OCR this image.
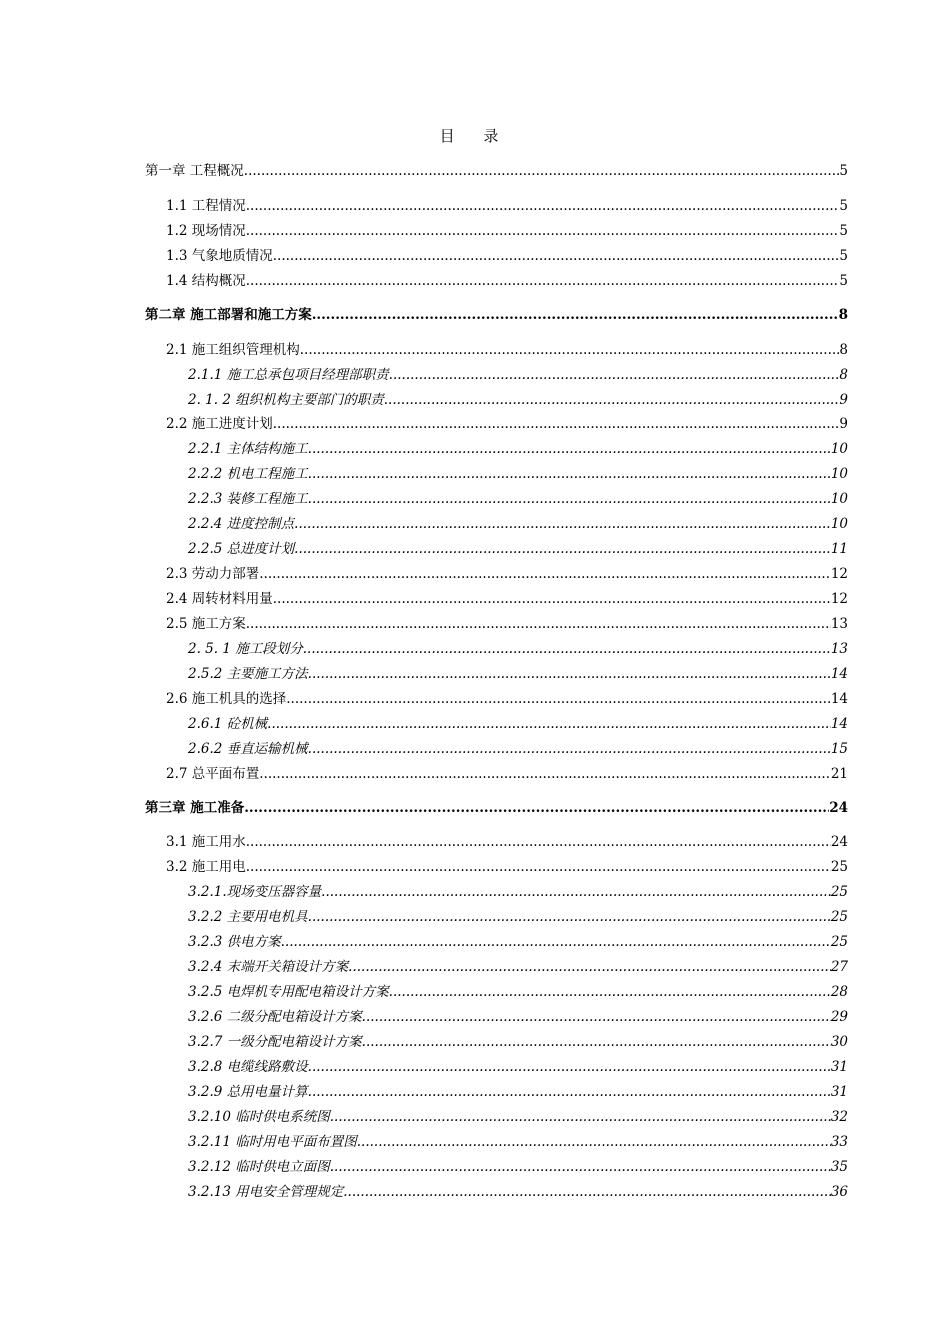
目 录
第一章 工程概况 .....	5
1.1 工程情况 .....	5
1.2 现场情况 .....	5
1.3 气象地质情况 .....	5
1.4 结构概况 .....	5
第二章 施工部署和施工方案 .....	8
2.1 施工组织管理机构 .....	8
2.1.1 施工总承包项目经理部职责 .....	8
2. 1. 2 组织机构主要部门的职责 .....	9
2.2 施工进度计划 .....	9
2.2.1 主体结构施工 .....	10
2.2.2 机电工程施工 .....	10
2.2.3 装修工程施工 .....	10
2.2.4 进度控制点 .....	10
2.2.5 总进度计划 .....	11
2.3 劳动力部署 .....	12
2.4 周转材料用量 .....	12
2.5 施工方案 .....	13
2. 5. 1 施工段划分 .....	13
2.5.2 主要施工方法 .....	14
2.6 施工机具的选择 .....	14
2.6.1 砼机械 .....	14
2.6.2 垂直运输机械 .....	15
2.7 总平面布置 .....	21
第三章 施工准备 .....	24
3.1 施工用水 .....	24
3.2 施工用电 .....	25
3.2.1.现场变压器容量 .....	25
3.2.2 主要用电机具 .....	25
3.2.3 供电方案 .....	25
3.2.4 末端开关箱设计方案 .....	27
3.2.5 电焊机专用配电箱设计方案 .....	28
3.2.6 二级分配电箱设计方案 .....	29
3.2.7 一级分配电箱设计方案 .....	30
3.2.8 电缆线路敷设 .....	31
3.2.9 总用电量计算 .....	31
3.2.10 临时供电系统图 .....	32
3.2.11 临时用电平面布置图 .....	33
3.2.12 临时供电立面图 .....	35
3.2.13 用电安全管理规定 .....	36
